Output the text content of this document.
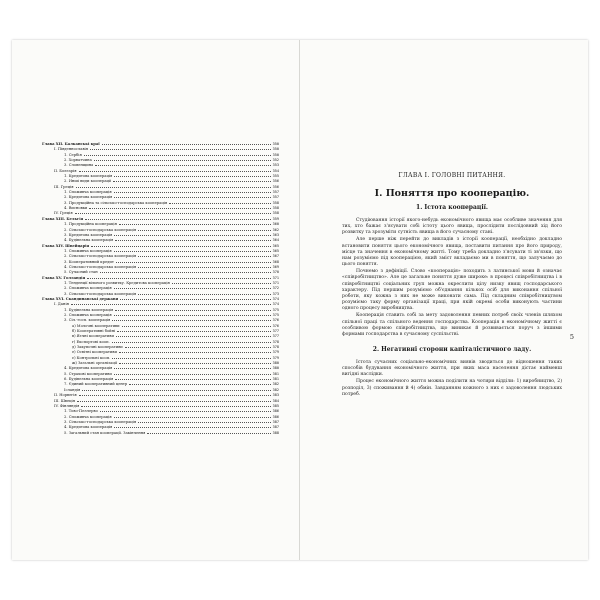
Глава XII. Балканські краї	350
I. Південнославія	350
1. Сербія	350
2. Хорватчина	352
3. Словенщина	353
II. Болгарія	354
1. Кредитова кооперація	355
2. Инші види кооперації	356
III. Греція	356
1. Споживча кооперація	357
2. Кредитова кооперація	357
3. Продукційна та сільсько-господарська кооперація	358
4. Висновки	358
IV. Греція	358
Глава XIII. Бельгія	359
1. Продукційна кооперація	360
2. Сільсько-господарська кооперація	362
3. Кредитова кооперація	363
4. Будівельна кооперація	364
Глава XIV. Швейцарія	365
1. Споживча кооперація	365
2. Сільсько-господарська кооперація	367
3. Кооперативний кредит	368
4. Сільсько-господарська кооперація	369
5. Сучасний стан	370
Глава XV. Голландія	371
1. Тенденції вільного розвитку. Кредитова кооперація	371
2. Споживча кооперація	372
3. Сільсько-господарська кооперація	373
Глава XVI. Скандинавські держави	374
I. Данія	374
1. Будівельна кооперація	375
2. Споживча кооперація	375
3. Сіл.-госп. кооперація	376
а) Молочні кооперативи	376
б) Кооперативні бойні	377
в) Яєчні кооперативи	377
г) Експортові кооп.	378
д) Закупочні кооперативи	378
е) Освітні кооперативи	379
є) Контрольні кооп.	379
ж) Загальні організації	380
4. Кредитова кооперація	380
5. Страхові кооперативи	381
6. Будівельна кооперація	381
7. Єдиний кооперативний центр	382
Ісландія	382
II. Норвегія	383
III. Швеція	384
IV. Фінляндія	385
1. Тово-Пеллерво	386
2. Споживча кооперація	386
3. Сільсько-господарська кооперація	387
4. Кредитова кооперація	387
5. Загальний стан кооперації. Закінчення	388
ГЛАВА І. ГОЛОВНІ ПИТАННЯ.
І. Поняття про кооперацію.
1. Істота кооперації.

Студіювання історії якого-небудь економічного явища має особливе значення для тих, хто бажає з'ясувати собі істоту цього явища, прослідити послідовний хід його розвитку та зрозуміти сутність явища в його сучасному стані.

Але перше ніж перейти до викладів з історії кооперації, необхідно докладно встановити поняття цього економічного явища, поставити питання про його природу, місце та значення в економічному житті. Тому треба докладно з'ясувати ті зв'язки, що нам розуміємо під кооперацією, який зміст вкладаємо ми в поняття, що залучаємо до цього поняття.

Почнемо з дефініції. Слово «кооперація» походить з латинської мови й означає «співробітництво». Але це загальне поняття дуже широке: в процесі співробітництва і в співробітництві соціальних груп можна окреслити цілу низку явищ господарського характеру. Під першим розуміємо об'єднання кількох осіб для виконання спільної роботи, яку кожна з них не може виконати сама. Під складним співробітництвом розуміємо таку форму організації праці, при якій окремі особи виконують частини одного процесу виробництва.

Кооперація ставить собі за мету задоволення певних потреб своїх членів шляхом спільної праці та спільного ведення господарства. Кооперація в економічному житті є особливою формою співробітництва, що виникає й розвивається поруч з іншими формами господарства в сучасному суспільстві.

2. Негативні сторони капіталістичного ладу.

Істота сучасних соціально-економічних виявів зводиться до відношення таких способів будування економічного життя, при яких маса населення дістає найменш вигідні наслідки.

Процес економічного життя можна поділити на чотири відділи: 1) виробництво, 2) розподіл, 3) споживання й 4) обмін. Завданням кожного з них є задоволення людських потреб.

5
